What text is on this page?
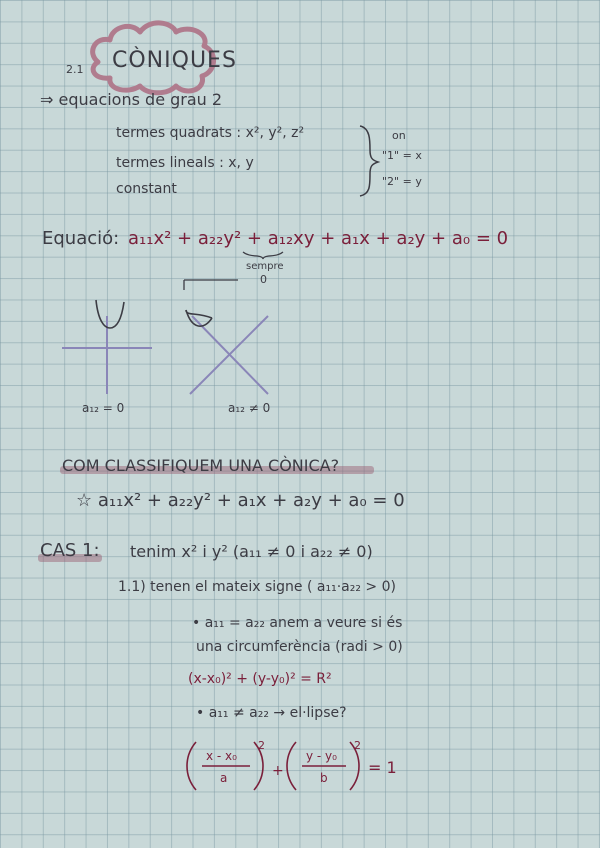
2.1 CÒNIQUES
⇒ equacions de grau 2
termes quadrats : x², y², z²
termes lineals : x, y
constant
on
"1" = x
"2" = y
Equació: a₁₁x² + a₂₂y² + a₁₂xy + a₁x + a₂y + a₀ = 0
sempre
0
a₁₂ = 0	a₁₂ ≠ 0
COM CLASSIFIQUEM UNA CÒNICA?
☆ a₁₁x² + a₂₂y² + a₁x + a₂y + a₀ = 0
CAS 1: tenim x² i y² (a₁₁ ≠ 0 i a₂₂ ≠ 0)
1.1) tenen el mateix signe ( a₁₁·a₂₂ > 0)
• a₁₁ = a₂₂ anem a veure si és
una circumferència (radi > 0)
(x-x₀)² + (y-y₀)² = R²
• a₁₁ ≠ a₂₂ → el·lipse?
x - x₀
a
2
+
y - y₀
b
2
= 1
